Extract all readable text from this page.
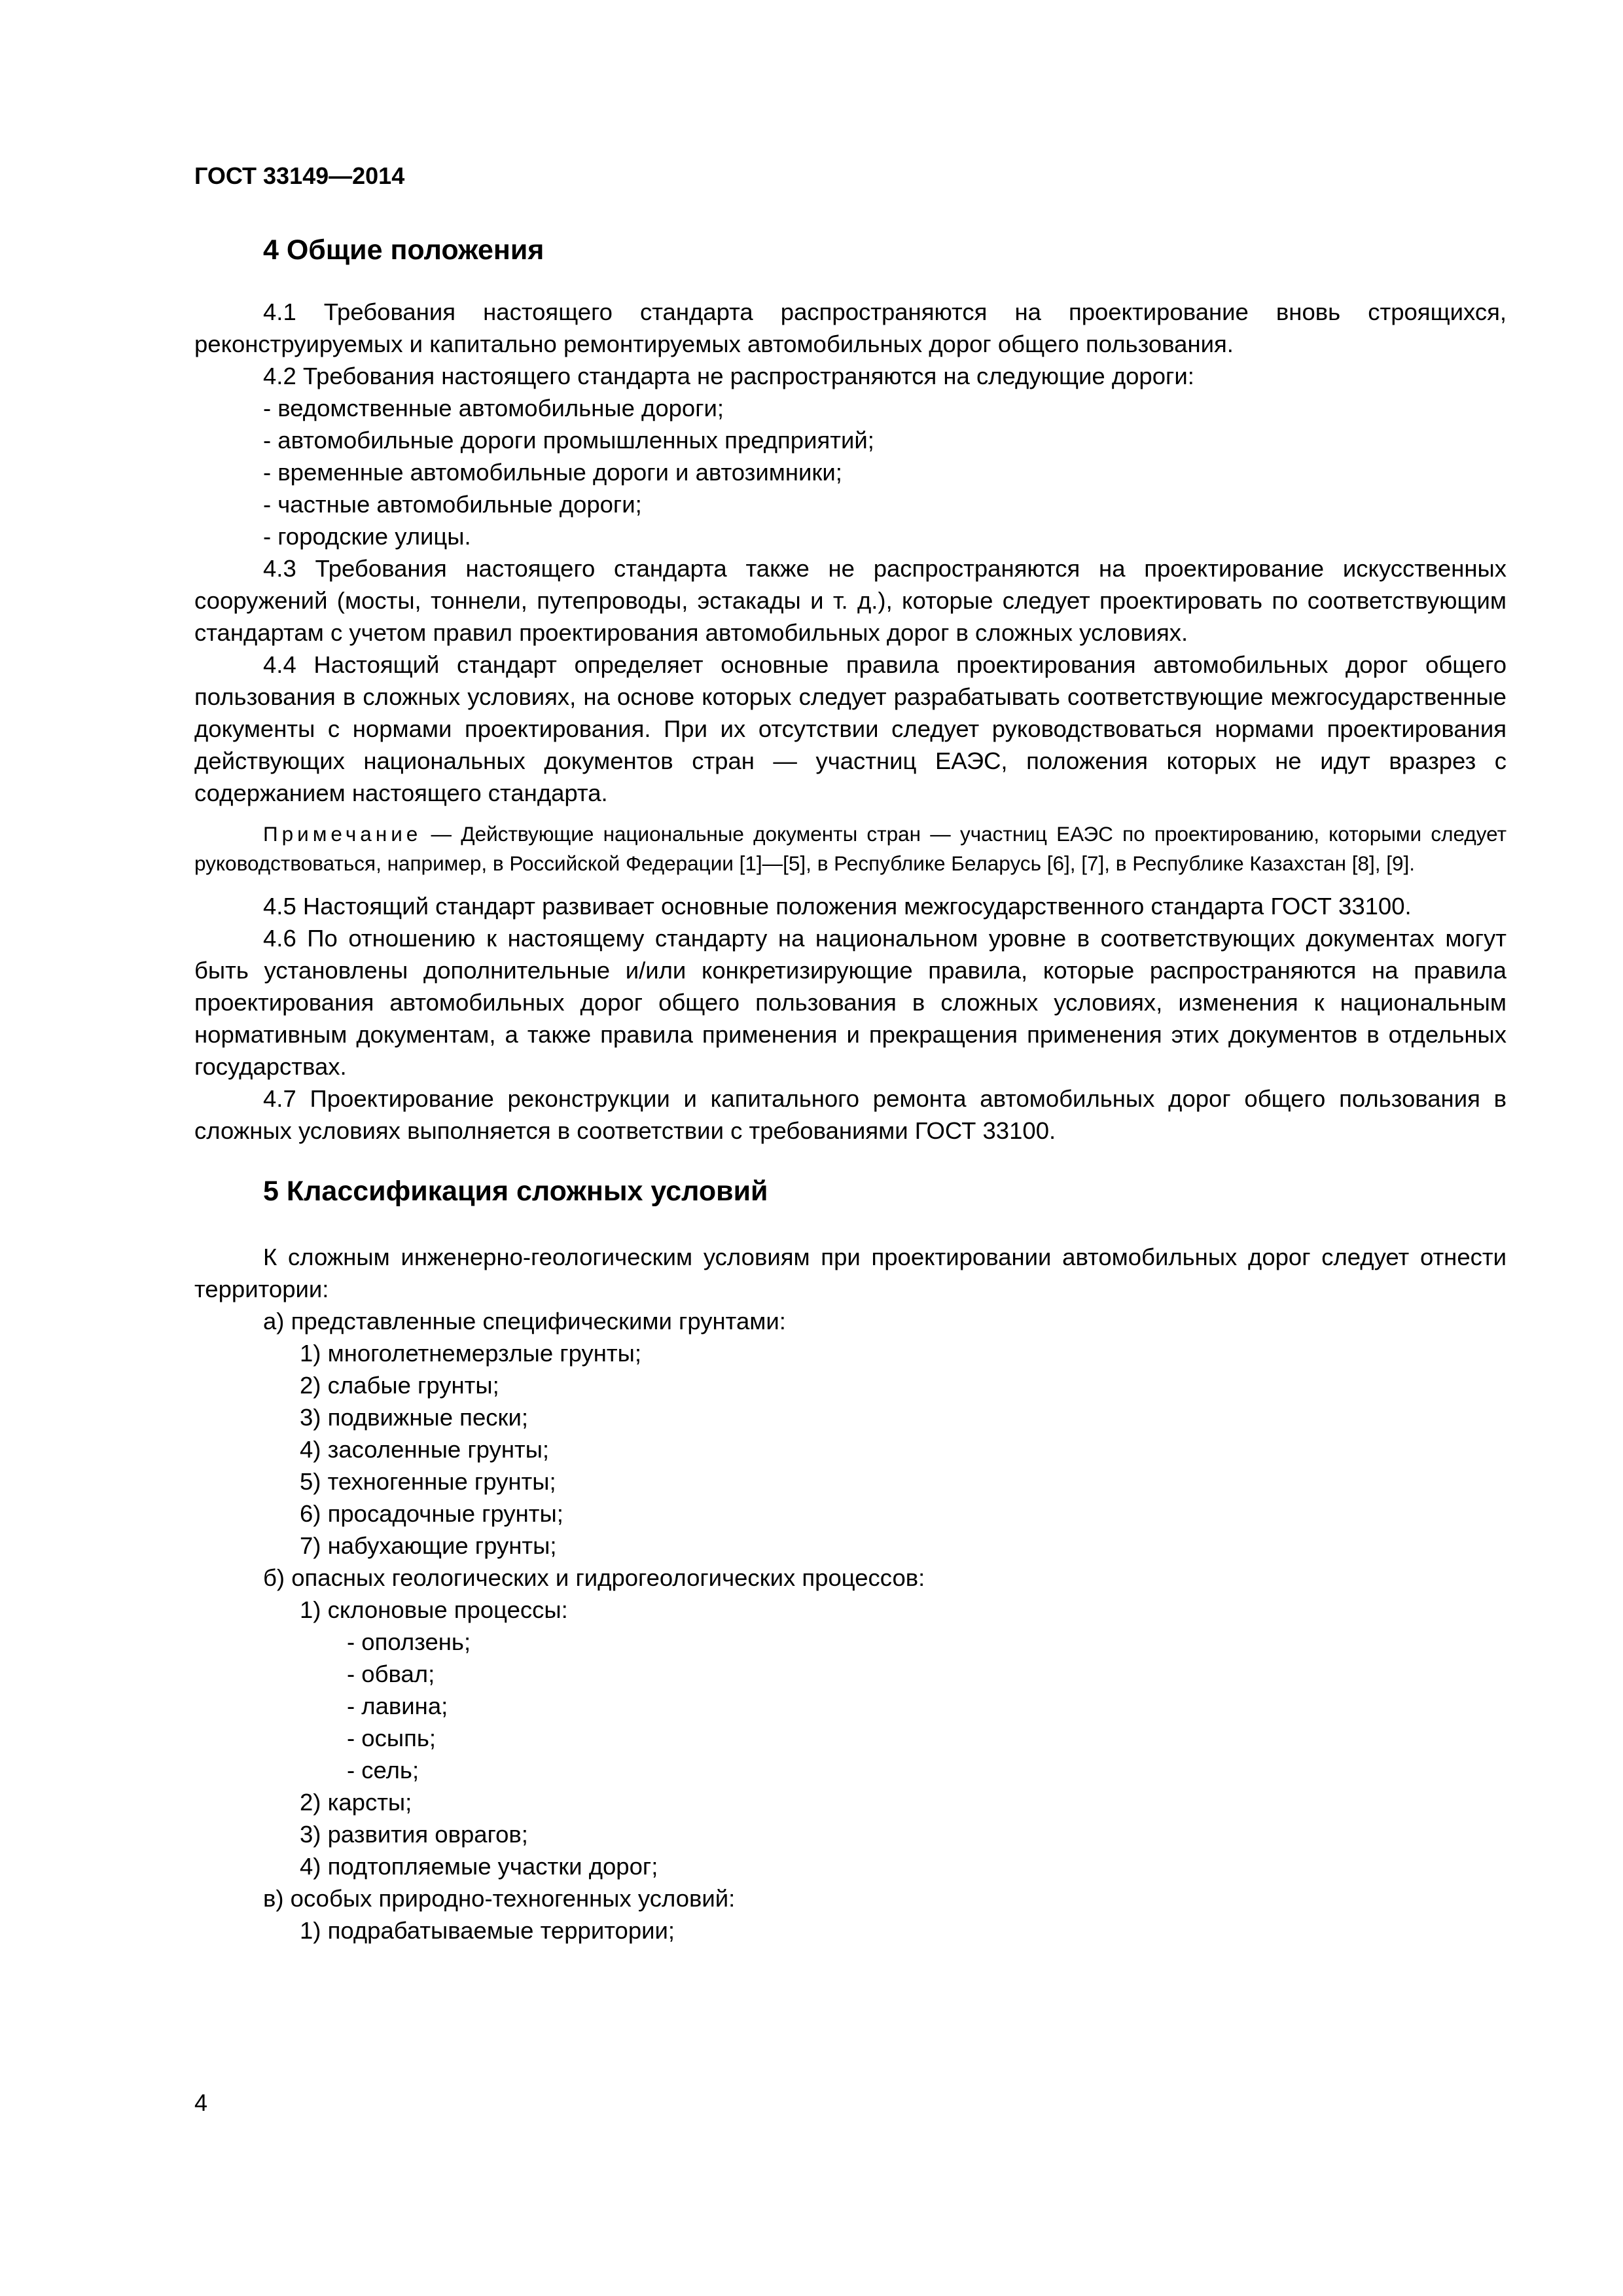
ГОСТ 33149—2014
4 Общие положения

4.1 Требования настоящего стандарта распространяются на проектирование вновь строящихся, реконструируемых и капитально ремонтируемых автомобильных дорог общего пользования.

4.2 Требования настоящего стандарта не распространяются на следующие дороги:

- ведомственные автомобильные дороги;
- автомобильные дороги промышленных предприятий;
- временные автомобильные дороги и автозимники;
- частные автомобильные дороги;
- городские улицы.

4.3 Требования настоящего стандарта также не распространяются на проектирование искусственных сооружений (мосты, тоннели, путепроводы, эстакады и т. д.), которые следует проектировать по соответствующим стандартам с учетом правил проектирования автомобильных дорог в сложных условиях.

4.4 Настоящий стандарт определяет основные правила проектирования автомобильных дорог общего пользования в сложных условиях, на основе которых следует разрабатывать соответствующие межгосударственные документы с нормами проектирования. При их отсутствии следует руководствоваться нормами проектирования действующих национальных документов стран — участниц ЕАЭС, положения которых не идут вразрез с содержанием настоящего стандарта.

Примечание — Действующие национальные документы стран — участниц ЕАЭС по проектированию, которыми следует руководствоваться, например, в Российской Федерации [1]—[5], в Республике Беларусь [6], [7], в Республике Казахстан [8], [9].

4.5 Настоящий стандарт развивает основные положения межгосударственного стандарта ГОСТ 33100.

4.6 По отношению к настоящему стандарту на национальном уровне в соответствующих документах могут быть установлены дополнительные и/или конкретизирующие правила, которые распространяются на правила проектирования автомобильных дорог общего пользования в сложных условиях, изменения к национальным нормативным документам, а также правила применения и прекращения применения этих документов в отдельных государствах.

4.7 Проектирование реконструкции и капитального ремонта автомобильных дорог общего пользования в сложных условиях выполняется в соответствии с требованиями ГОСТ 33100.

5 Классификация сложных условий

К сложным инженерно-геологическим условиям при проектировании автомобильных дорог следует отнести территории:

а) представленные специфическими грунтами:
1) многолетнемерзлые грунты;
2) слабые грунты;
3) подвижные пески;
4) засоленные грунты;
5) техногенные грунты;
6) просадочные грунты;
7) набухающие грунты;
б) опасных геологических и гидрогеологических процессов:
1) склоновые процессы:
- оползень;
- обвал;
- лавина;
- осыпь;
- сель;
2) карсты;
3) развития оврагов;
4) подтопляемые участки дорог;
в) особых природно-техногенных условий:
1) подрабатываемые территории;
4
